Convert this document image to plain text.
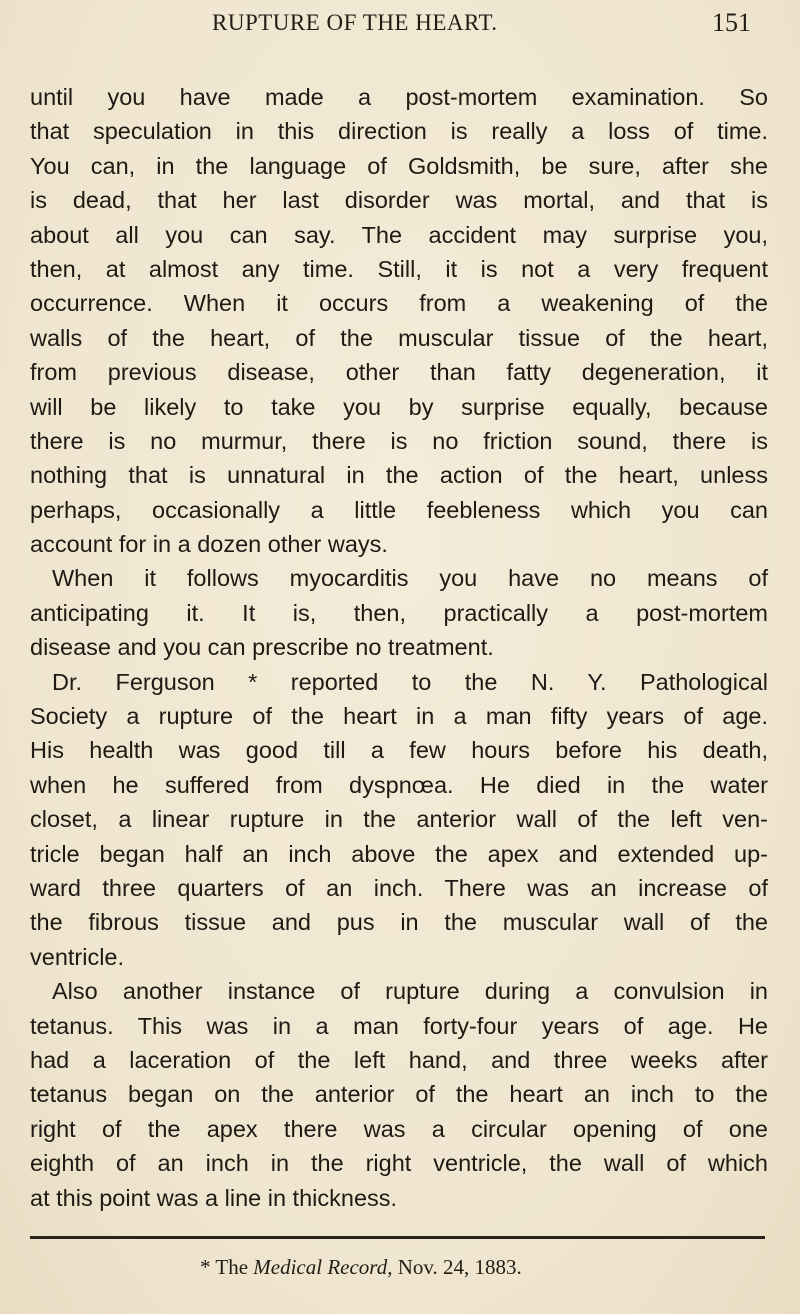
RUPTURE OF THE HEART.	151
until you have made a post-mortem examination. So
that speculation in this direction is really a loss of time.
You can, in the language of Goldsmith, be sure, after she
is dead, that her last disorder was mortal, and that is
about all you can say. The accident may surprise you,
then, at almost any time. Still, it is not a very frequent
occurrence. When it occurs from a weakening of the
walls of the heart, of the muscular tissue of the heart,
from previous disease, other than fatty degeneration, it
will be likely to take you by surprise equally, because
there is no murmur, there is no friction sound, there is
nothing that is unnatural in the action of the heart, unless
perhaps, occasionally a little feebleness which you can
account for in a dozen other ways.
When it follows myocarditis you have no means of
anticipating it. It is, then, practically a post-mortem
disease and you can prescribe no treatment.
Dr. Ferguson * reported to the N. Y. Pathological
Society a rupture of the heart in a man fifty years of age.
His health was good till a few hours before his death,
when he suffered from dyspnœa. He died in the water
closet, a linear rupture in the anterior wall of the left ven-
tricle began half an inch above the apex and extended up-
ward three quarters of an inch. There was an increase of
the fibrous tissue and pus in the muscular wall of the
ventricle.
Also another instance of rupture during a convulsion in
tetanus. This was in a man forty-four years of age. He
had a laceration of the left hand, and three weeks after
tetanus began on the anterior of the heart an inch to the
right of the apex there was a circular opening of one
eighth of an inch in the right ventricle, the wall of which
at this point was a line in thickness.
* The Medical Record, Nov. 24, 1883.
